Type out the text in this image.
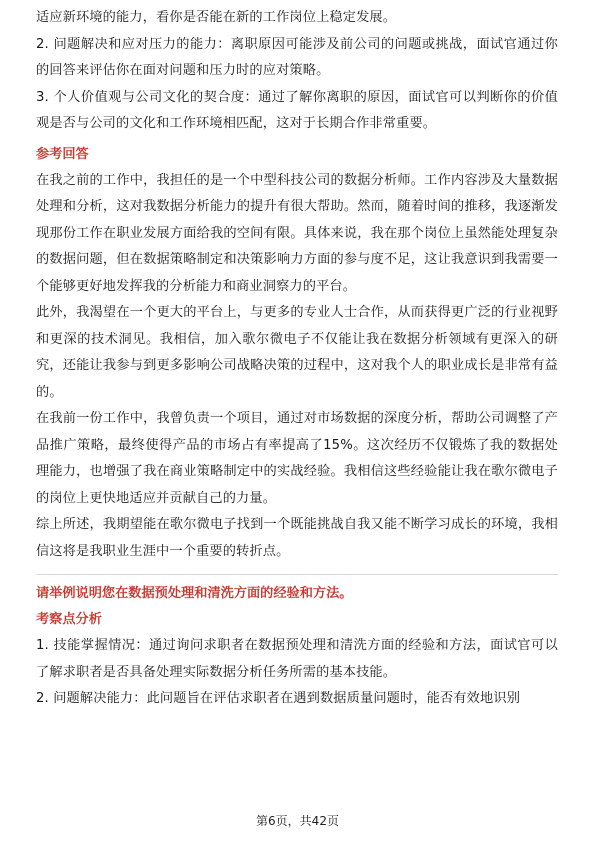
适应新环境的能力，看你是否能在新的工作岗位上稳定发展。

2. 问题解决和应对压力的能力：离职原因可能涉及前公司的问题或挑战，面试官通过你的回答来评估你在面对问题和压力时的应对策略。

3. 个人价值观与公司文化的契合度：通过了解你离职的原因，面试官可以判断你的价值观是否与公司的文化和工作环境相匹配，这对于长期合作非常重要。

参考回答

在我之前的工作中，我担任的是一个中型科技公司的数据分析师。工作内容涉及大量数据处理和分析，这对我数据分析能力的提升有很大帮助。然而，随着时间的推移，我逐渐发现那份工作在职业发展方面给我的空间有限。具体来说，我在那个岗位上虽然能处理复杂的数据问题，但在数据策略制定和决策影响力方面的参与度不足，这让我意识到我需要一个能够更好地发挥我的分析能力和商业洞察力的平台。

此外，我渴望在一个更大的平台上，与更多的专业人士合作，从而获得更广泛的行业视野和更深的技术洞见。我相信，加入歌尔微电子不仅能让我在数据分析领域有更深入的研究，还能让我参与到更多影响公司战略决策的过程中，这对我个人的职业成长是非常有益的。

在我前一份工作中，我曾负责一个项目，通过对市场数据的深度分析，帮助公司调整了产品推广策略，最终使得产品的市场占有率提高了15%。这次经历不仅锻炼了我的数据处理能力，也增强了我在商业策略制定中的实战经验。我相信这些经验能让我在歌尔微电子的岗位上更快地适应并贡献自己的力量。

综上所述，我期望能在歌尔微电子找到一个既能挑战自我又能不断学习成长的环境，我相信这将是我职业生涯中一个重要的转折点。

请举例说明您在数据预处理和清洗方面的经验和方法。

考察点分析

1. 技能掌握情况：通过询问求职者在数据预处理和清洗方面的经验和方法，面试官可以了解求职者是否具备处理实际数据分析任务所需的基本技能。

2. 问题解决能力：此问题旨在评估求职者在遇到数据质量问题时，能否有效地识别

第6页，共42页
